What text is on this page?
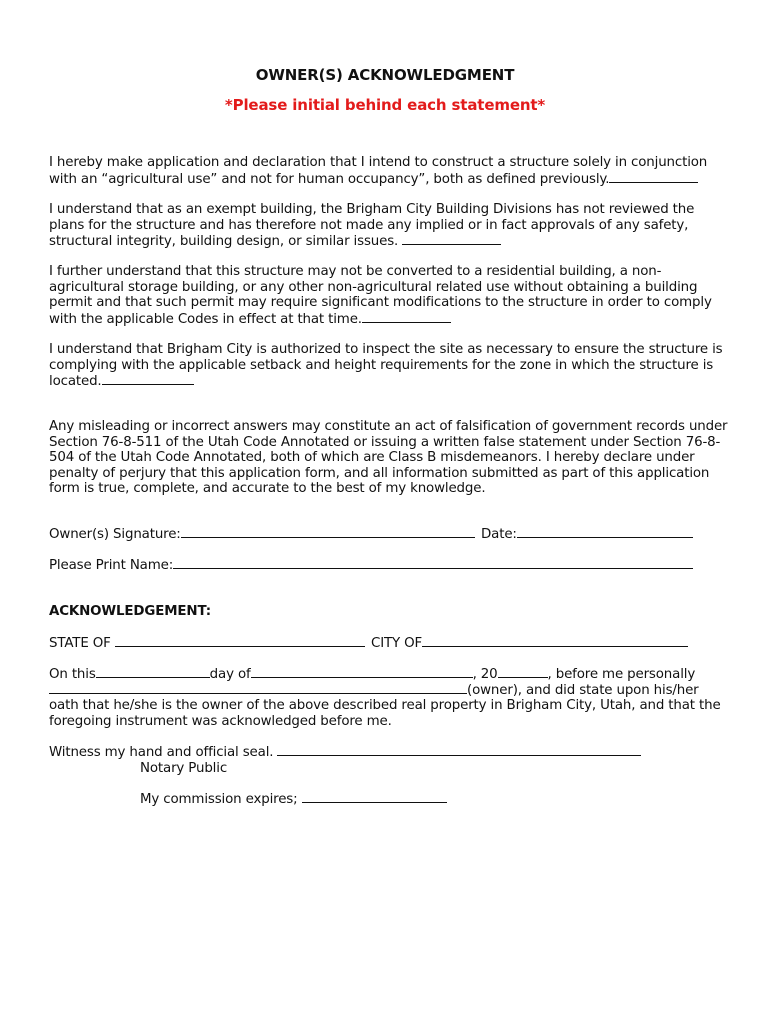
OWNER(S) ACKNOWLEDGMENT
*Please initial behind each statement*
I hereby make application and declaration that I intend to construct a structure solely in conjunction with an “agricultural use” and not for human occupancy”, both as defined previously.
I understand that as an exempt building, the Brigham City Building Divisions has not reviewed the plans for the structure and has therefore not made any implied or in fact approvals of any safety, structural integrity, building design, or similar issues.
I further understand that this structure may not be converted to a residential building, a non-agricultural storage building, or any other non-agricultural related use without obtaining a building permit and that such permit may require significant modifications to the structure in order to comply with the applicable Codes in effect at that time.
I understand that Brigham City is authorized to inspect the site as necessary to ensure the structure is complying with the applicable setback and height requirements for the zone in which the structure is located.
Any misleading or incorrect answers may constitute an act of falsification of government records under Section 76-8-511 of the Utah Code Annotated or issuing a written false statement under Section 76-8-504 of the Utah Code Annotated, both of which are Class B misdemeanors. I hereby declare under penalty of perjury that this application form, and all information submitted as part of this application form is true, complete, and accurate to the best of my knowledge.
Owner(s) Signature:	Date:
Please Print Name:
ACKNOWLEDGEMENT:
STATE OF	CITY OF
On this	day of	, 20	, before me personally
(owner), and did state upon his/her
oath that he/she is the owner of the above described real property in Brigham City, Utah, and that the foregoing instrument was acknowledged before me.
Witness my hand and official seal.
Notary Public
My commission expires;
